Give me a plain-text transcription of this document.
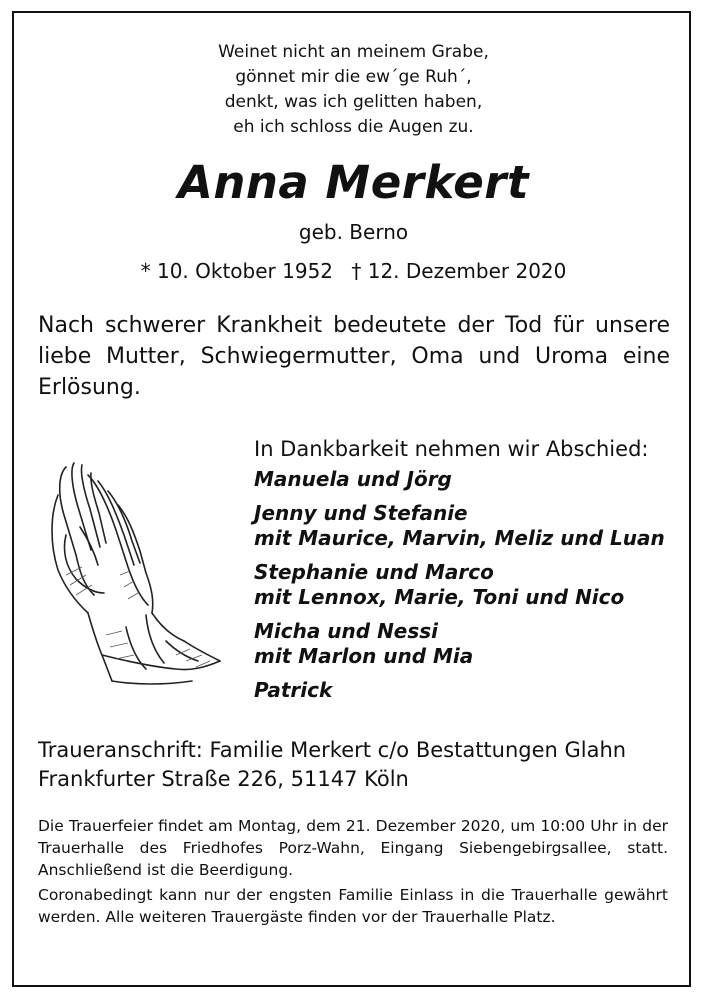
Weinet nicht an meinem Grabe,
gönnet mir die ew´ge Ruh´,
denkt, was ich gelitten haben,
eh ich schloss die Augen zu.
Anna Merkert
geb. Berno
* 10. Oktober 1952 † 12. Dezember 2020
Nach schwerer Krankheit bedeutete der Tod für unsere liebe Mutter, Schwiegermutter, Oma und Uroma eine Erlösung.
In Dankbarkeit nehmen wir Abschied:
Manuela und Jörg
Jenny und Stefanie
mit Maurice, Marvin, Meliz und Luan
Stephanie und Marco
mit Lennox, Marie, Toni und Nico
Micha und Nessi
mit Marlon und Mia
Patrick
Traueranschrift: Familie Merkert c/o Bestattungen Glahn
Frankfurter Straße 226, 51147 Köln

Die Trauerfeier findet am Montag, dem 21. Dezember 2020, um 10:00 Uhr in der Trauerhalle des Friedhofes Porz-Wahn, Eingang Siebengebirgsallee, statt. Anschließend ist die Beerdigung.

Coronabedingt kann nur der engsten Familie Einlass in die Trauerhalle gewährt werden. Alle weiteren Trauergäste finden vor der Trauerhalle Platz.
